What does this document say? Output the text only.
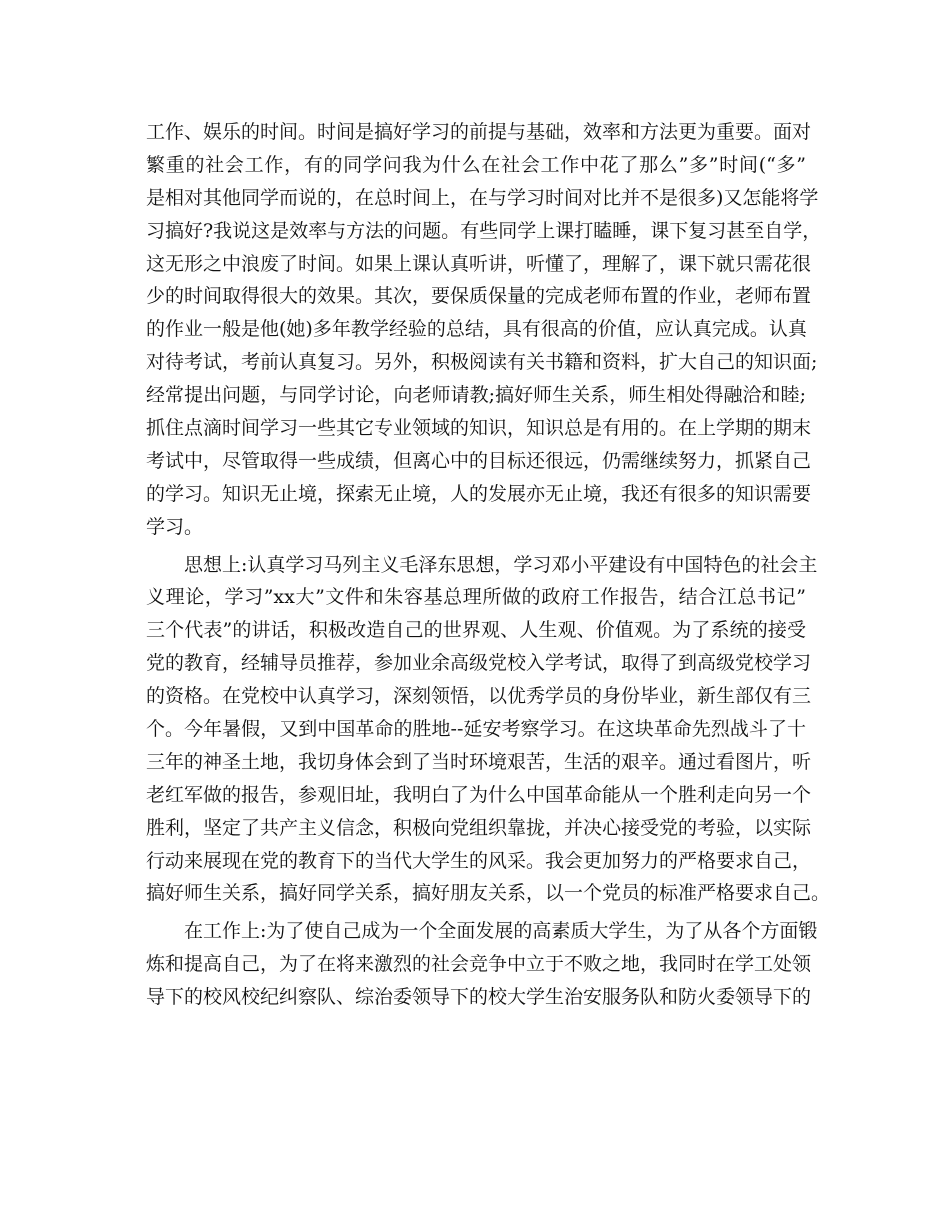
工作、娱乐的时间。时间是搞好学习的前提与基础，效率和方法更为重要。面对
繁重的社会工作，有的同学问我为什么在社会工作中花了那么”多”时间(“多”
是相对其他同学而说的，在总时间上，在与学习时间对比并不是很多)又怎能将学
习搞好?我说这是效率与方法的问题。有些同学上课打瞌睡，课下复习甚至自学，
这无形之中浪废了时间。如果上课认真听讲，听懂了，理解了，课下就只需花很
少的时间取得很大的效果。其次，要保质保量的完成老师布置的作业，老师布置
的作业一般是他(她)多年教学经验的总结，具有很高的价值，应认真完成。认真
对待考试，考前认真复习。另外，积极阅读有关书籍和资料，扩大自己的知识面;
经常提出问题，与同学讨论，向老师请教;搞好师生关系，师生相处得融洽和睦;
抓住点滴时间学习一些其它专业领域的知识，知识总是有用的。在上学期的期末
考试中，尽管取得一些成绩，但离心中的目标还很远，仍需继续努力，抓紧自己
的学习。知识无止境，探索无止境，人的发展亦无止境，我还有很多的知识需要
学习。
思想上:认真学习马列主义毛泽东思想，学习邓小平建设有中国特色的社会主
义理论，学习”xx大”文件和朱容基总理所做的政府工作报告，结合江总书记”
三个代表”的讲话，积极改造自己的世界观、人生观、价值观。为了系统的接受
党的教育，经辅导员推荐，参加业余高级党校入学考试，取得了到高级党校学习
的资格。在党校中认真学习，深刻领悟，以优秀学员的身份毕业，新生部仅有三
个。今年暑假，又到中国革命的胜地--延安考察学习。在这块革命先烈战斗了十
三年的神圣土地，我切身体会到了当时环境艰苦，生活的艰辛。通过看图片，听
老红军做的报告，参观旧址，我明白了为什么中国革命能从一个胜利走向另一个
胜利，坚定了共产主义信念，积极向党组织靠拢，并决心接受党的考验，以实际
行动来展现在党的教育下的当代大学生的风采。我会更加努力的严格要求自己，
搞好师生关系，搞好同学关系，搞好朋友关系，以一个党员的标准严格要求自己。
在工作上:为了使自己成为一个全面发展的高素质大学生，为了从各个方面锻
炼和提高自己，为了在将来激烈的社会竞争中立于不败之地，我同时在学工处领
导下的校风校纪纠察队、综治委领导下的校大学生治安服务队和防火委领导下的
